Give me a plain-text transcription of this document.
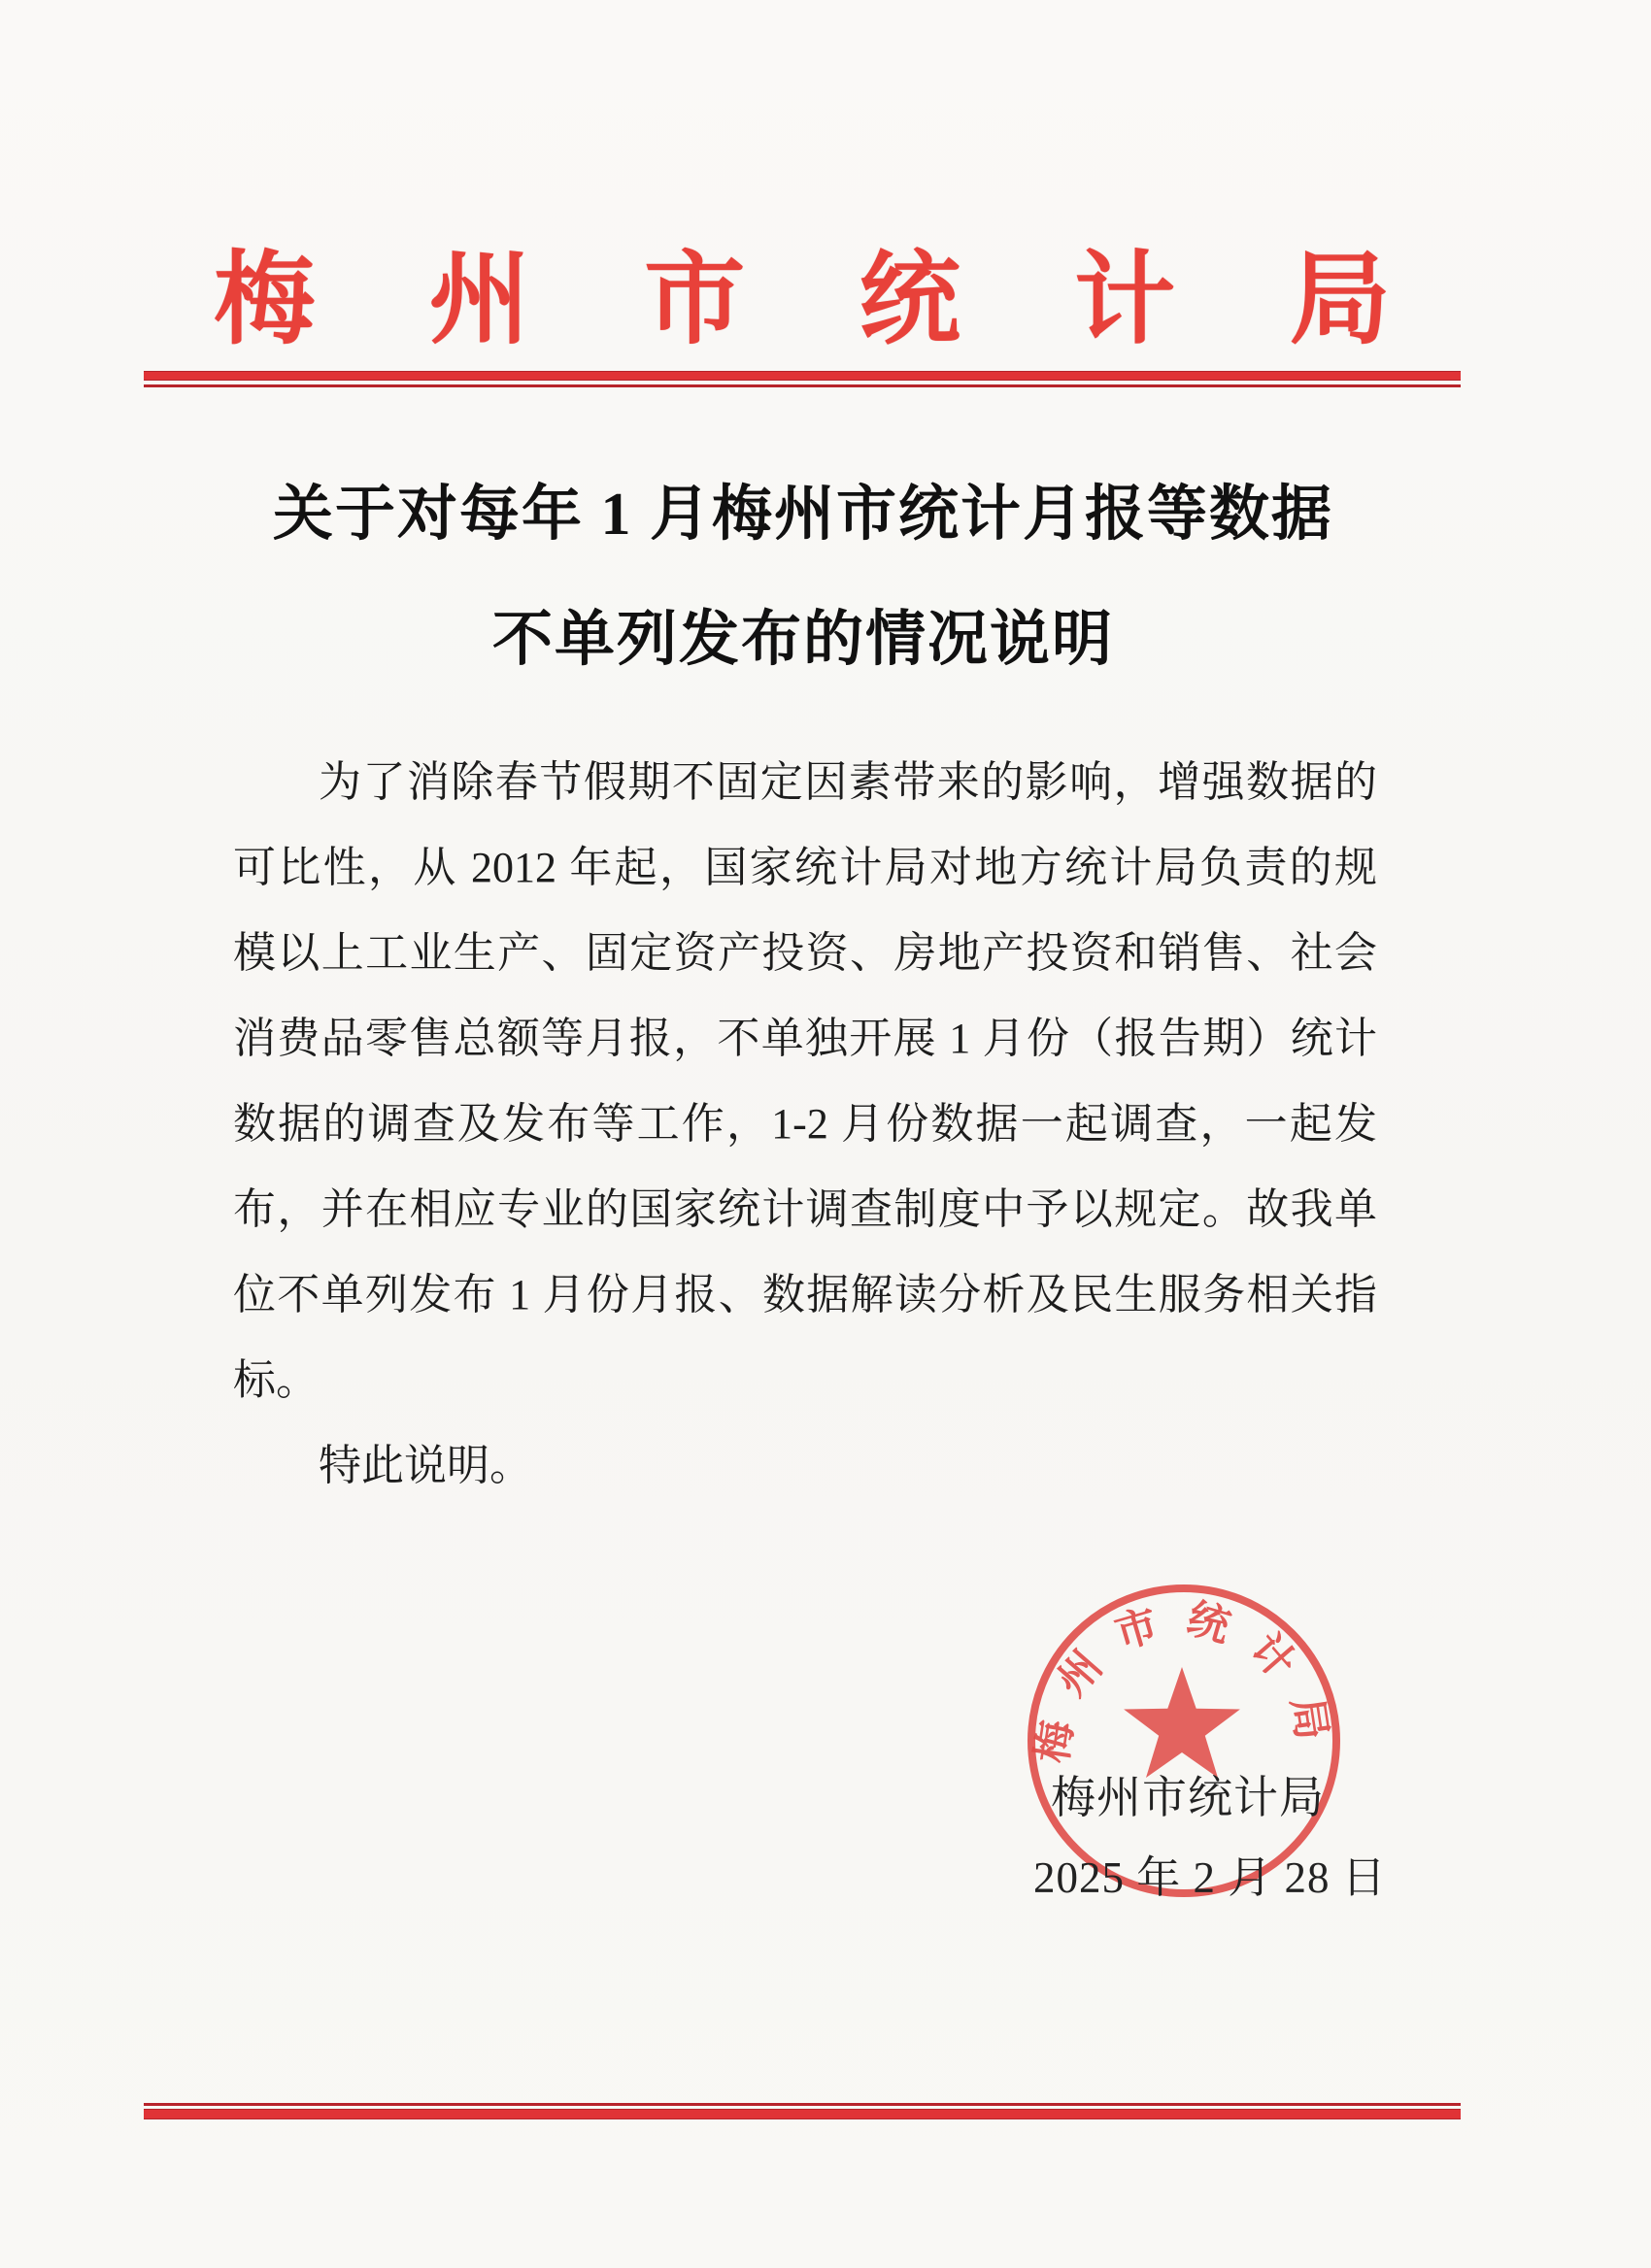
梅州市统计局
关于对每年 1 月梅州市统计月报等数据
不单列发布的情况说明
为了消除春节假期不固定因素带来的影响，增强数据的
可比性，从 2012 年起，国家统计局对地方统计局负责的规
模以上工业生产、固定资产投资、房地产投资和销售、社会
消费品零售总额等月报，不单独开展 1 月份（报告期）统计
数据的调查及发布等工作，1-2 月份数据一起调查，一起发
布，并在相应专业的国家统计调查制度中予以规定。故我单
位不单列发布 1 月份月报、数据解读分析及民生服务相关指
标。
特此说明。
梅州市统计局
梅州市统计局
2025 年 2 月 28 日
